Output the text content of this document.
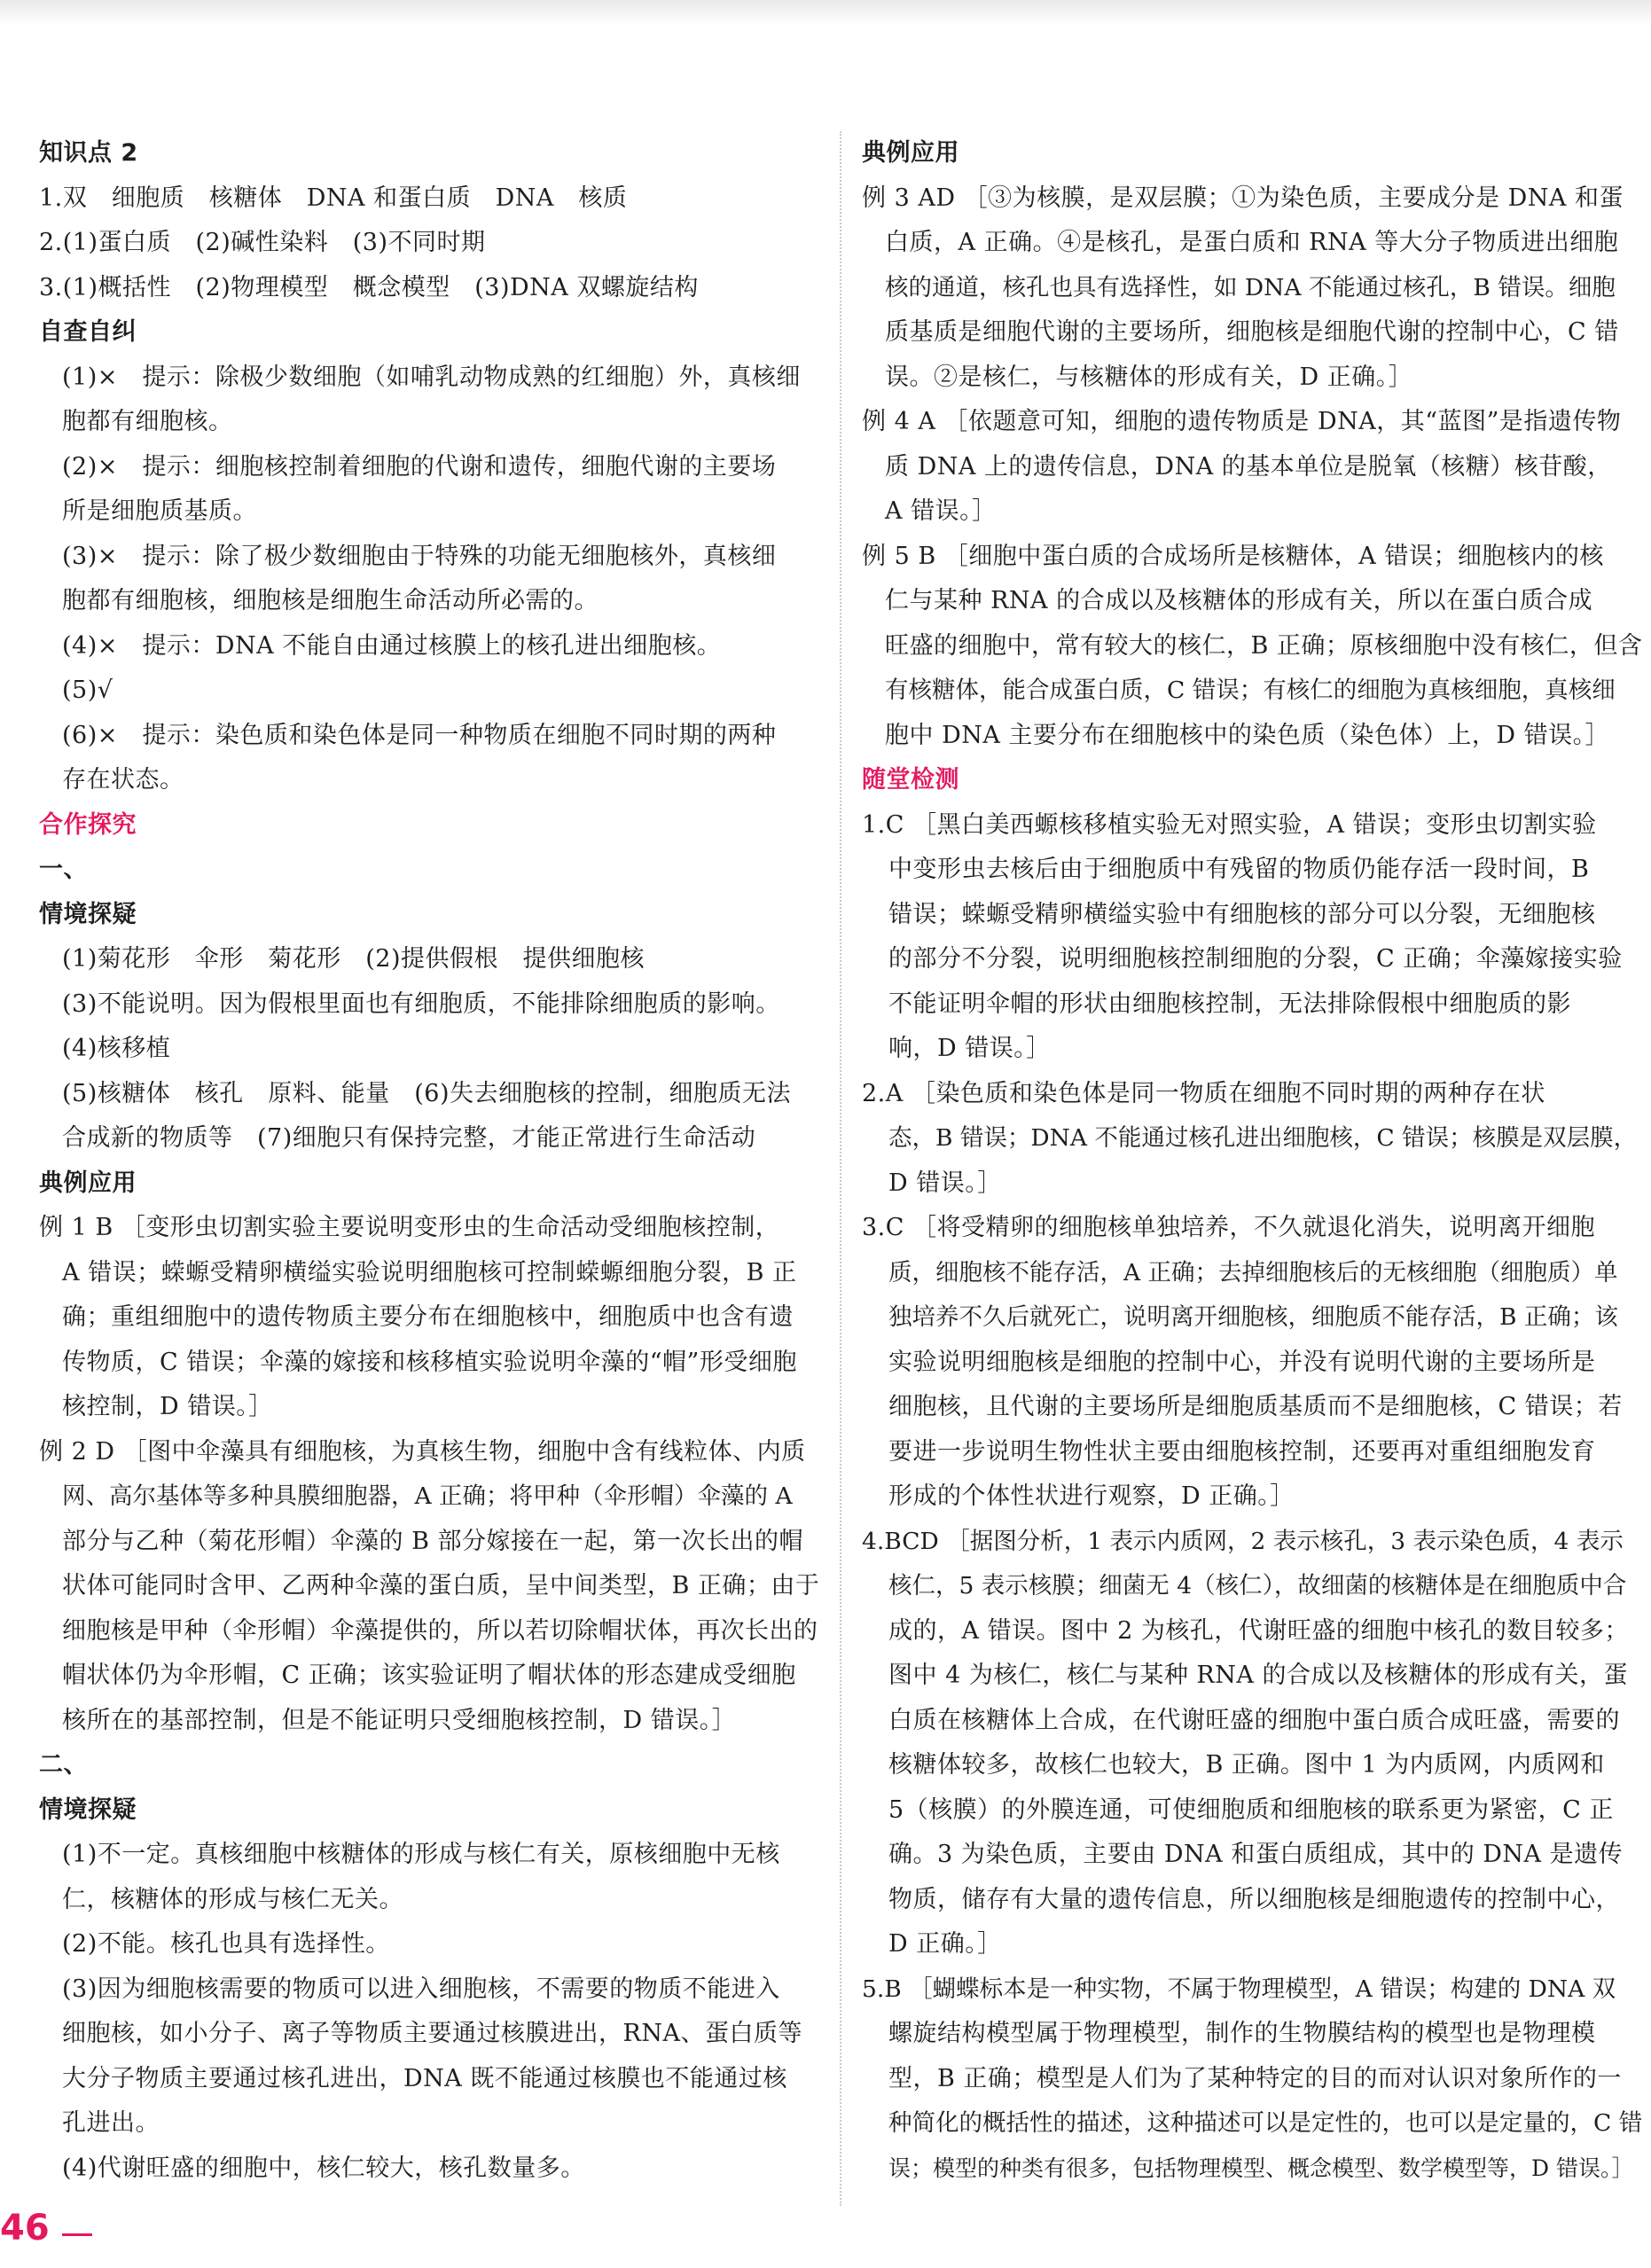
知识点 2
1.双　细胞质　核糖体　DNA 和蛋白质　DNA　核质
2.(1)蛋白质　(2)碱性染料　(3)不同时期
3.(1)概括性　(2)物理模型　概念模型　(3)DNA 双螺旋结构
自查自纠
(1)×　提示：除极少数细胞（如哺乳动物成熟的红细胞）外，真核细
胞都有细胞核。
(2)×　提示：细胞核控制着细胞的代谢和遗传，细胞代谢的主要场
所是细胞质基质。
(3)×　提示：除了极少数细胞由于特殊的功能无细胞核外，真核细
胞都有细胞核，细胞核是细胞生命活动所必需的。
(4)×　提示：DNA 不能自由通过核膜上的核孔进出细胞核。
(5)√
(6)×　提示：染色质和染色体是同一种物质在细胞不同时期的两种
存在状态。
合作探究
一、
情境探疑
(1)菊花形　伞形　菊花形　(2)提供假根　提供细胞核
(3)不能说明。因为假根里面也有细胞质，不能排除细胞质的影响。
(4)核移植
(5)核糖体　核孔　原料、能量　(6)失去细胞核的控制，细胞质无法
合成新的物质等　(7)细胞只有保持完整，才能正常进行生命活动
典例应用
例 1 B ［变形虫切割实验主要说明变形虫的生命活动受细胞核控制，
A 错误；蝾螈受精卵横缢实验说明细胞核可控制蝾螈细胞分裂，B 正
确；重组细胞中的遗传物质主要分布在细胞核中，细胞质中也含有遗
传物质，C 错误；伞藻的嫁接和核移植实验说明伞藻的“帽”形受细胞
核控制，D 错误。］
例 2 D ［图中伞藻具有细胞核，为真核生物，细胞中含有线粒体、内质
网、高尔基体等多种具膜细胞器，A 正确；将甲种（伞形帽）伞藻的 A
部分与乙种（菊花形帽）伞藻的 B 部分嫁接在一起，第一次长出的帽
状体可能同时含甲、乙两种伞藻的蛋白质，呈中间类型，B 正确；由于
细胞核是甲种（伞形帽）伞藻提供的，所以若切除帽状体，再次长出的
帽状体仍为伞形帽，C 正确；该实验证明了帽状体的形态建成受细胞
核所在的基部控制，但是不能证明只受细胞核控制，D 错误。］
二、
情境探疑
(1)不一定。真核细胞中核糖体的形成与核仁有关，原核细胞中无核
仁，核糖体的形成与核仁无关。
(2)不能。核孔也具有选择性。
(3)因为细胞核需要的物质可以进入细胞核，不需要的物质不能进入
细胞核，如小分子、离子等物质主要通过核膜进出，RNA、蛋白质等
大分子物质主要通过核孔进出，DNA 既不能通过核膜也不能通过核
孔进出。
(4)代谢旺盛的细胞中，核仁较大，核孔数量多。
典例应用
例 3 AD ［③为核膜，是双层膜；①为染色质，主要成分是 DNA 和蛋
白质，A 正确。④是核孔，是蛋白质和 RNA 等大分子物质进出细胞
核的通道，核孔也具有选择性，如 DNA 不能通过核孔，B 错误。细胞
质基质是细胞代谢的主要场所，细胞核是细胞代谢的控制中心，C 错
误。②是核仁，与核糖体的形成有关，D 正确。］
例 4 A ［依题意可知，细胞的遗传物质是 DNA，其“蓝图”是指遗传物
质 DNA 上的遗传信息，DNA 的基本单位是脱氧（核糖）核苷酸，
A 错误。］
例 5 B ［细胞中蛋白质的合成场所是核糖体，A 错误；细胞核内的核
仁与某种 RNA 的合成以及核糖体的形成有关，所以在蛋白质合成
旺盛的细胞中，常有较大的核仁，B 正确；原核细胞中没有核仁，但含
有核糖体，能合成蛋白质，C 错误；有核仁的细胞为真核细胞，真核细
胞中 DNA 主要分布在细胞核中的染色质（染色体）上，D 错误。］
随堂检测
1.C ［黑白美西螈核移植实验无对照实验，A 错误；变形虫切割实验
中变形虫去核后由于细胞质中有残留的物质仍能存活一段时间，B
错误；蝾螈受精卵横缢实验中有细胞核的部分可以分裂，无细胞核
的部分不分裂，说明细胞核控制细胞的分裂，C 正确；伞藻嫁接实验
不能证明伞帽的形状由细胞核控制，无法排除假根中细胞质的影
响，D 错误。］
2.A ［染色质和染色体是同一物质在细胞不同时期的两种存在状
态，B 错误；DNA 不能通过核孔进出细胞核，C 错误；核膜是双层膜，
D 错误。］
3.C ［将受精卵的细胞核单独培养，不久就退化消失，说明离开细胞
质，细胞核不能存活，A 正确；去掉细胞核后的无核细胞（细胞质）单
独培养不久后就死亡，说明离开细胞核，细胞质不能存活，B 正确；该
实验说明细胞核是细胞的控制中心，并没有说明代谢的主要场所是
细胞核，且代谢的主要场所是细胞质基质而不是细胞核，C 错误；若
要进一步说明生物性状主要由细胞核控制，还要再对重组细胞发育
形成的个体性状进行观察，D 正确。］
4.BCD ［据图分析，1 表示内质网，2 表示核孔，3 表示染色质，4 表示
核仁，5 表示核膜；细菌无 4（核仁），故细菌的核糖体是在细胞质中合
成的，A 错误。图中 2 为核孔，代谢旺盛的细胞中核孔的数目较多；
图中 4 为核仁，核仁与某种 RNA 的合成以及核糖体的形成有关，蛋
白质在核糖体上合成，在代谢旺盛的细胞中蛋白质合成旺盛，需要的
核糖体较多，故核仁也较大，B 正确。图中 1 为内质网，内质网和
5（核膜）的外膜连通，可使细胞质和细胞核的联系更为紧密，C 正
确。3 为染色质，主要由 DNA 和蛋白质组成，其中的 DNA 是遗传
物质，储存有大量的遗传信息，所以细胞核是细胞遗传的控制中心，
D 正确。］
5.B ［蝴蝶标本是一种实物，不属于物理模型，A 错误；构建的 DNA 双
螺旋结构模型属于物理模型，制作的生物膜结构的模型也是物理模
型，B 正确；模型是人们为了某种特定的目的而对认识对象所作的一
种简化的概括性的描述，这种描述可以是定性的，也可以是定量的，C 错
误；模型的种类有很多，包括物理模型、概念模型、数学模型等，D 错误。］
46
